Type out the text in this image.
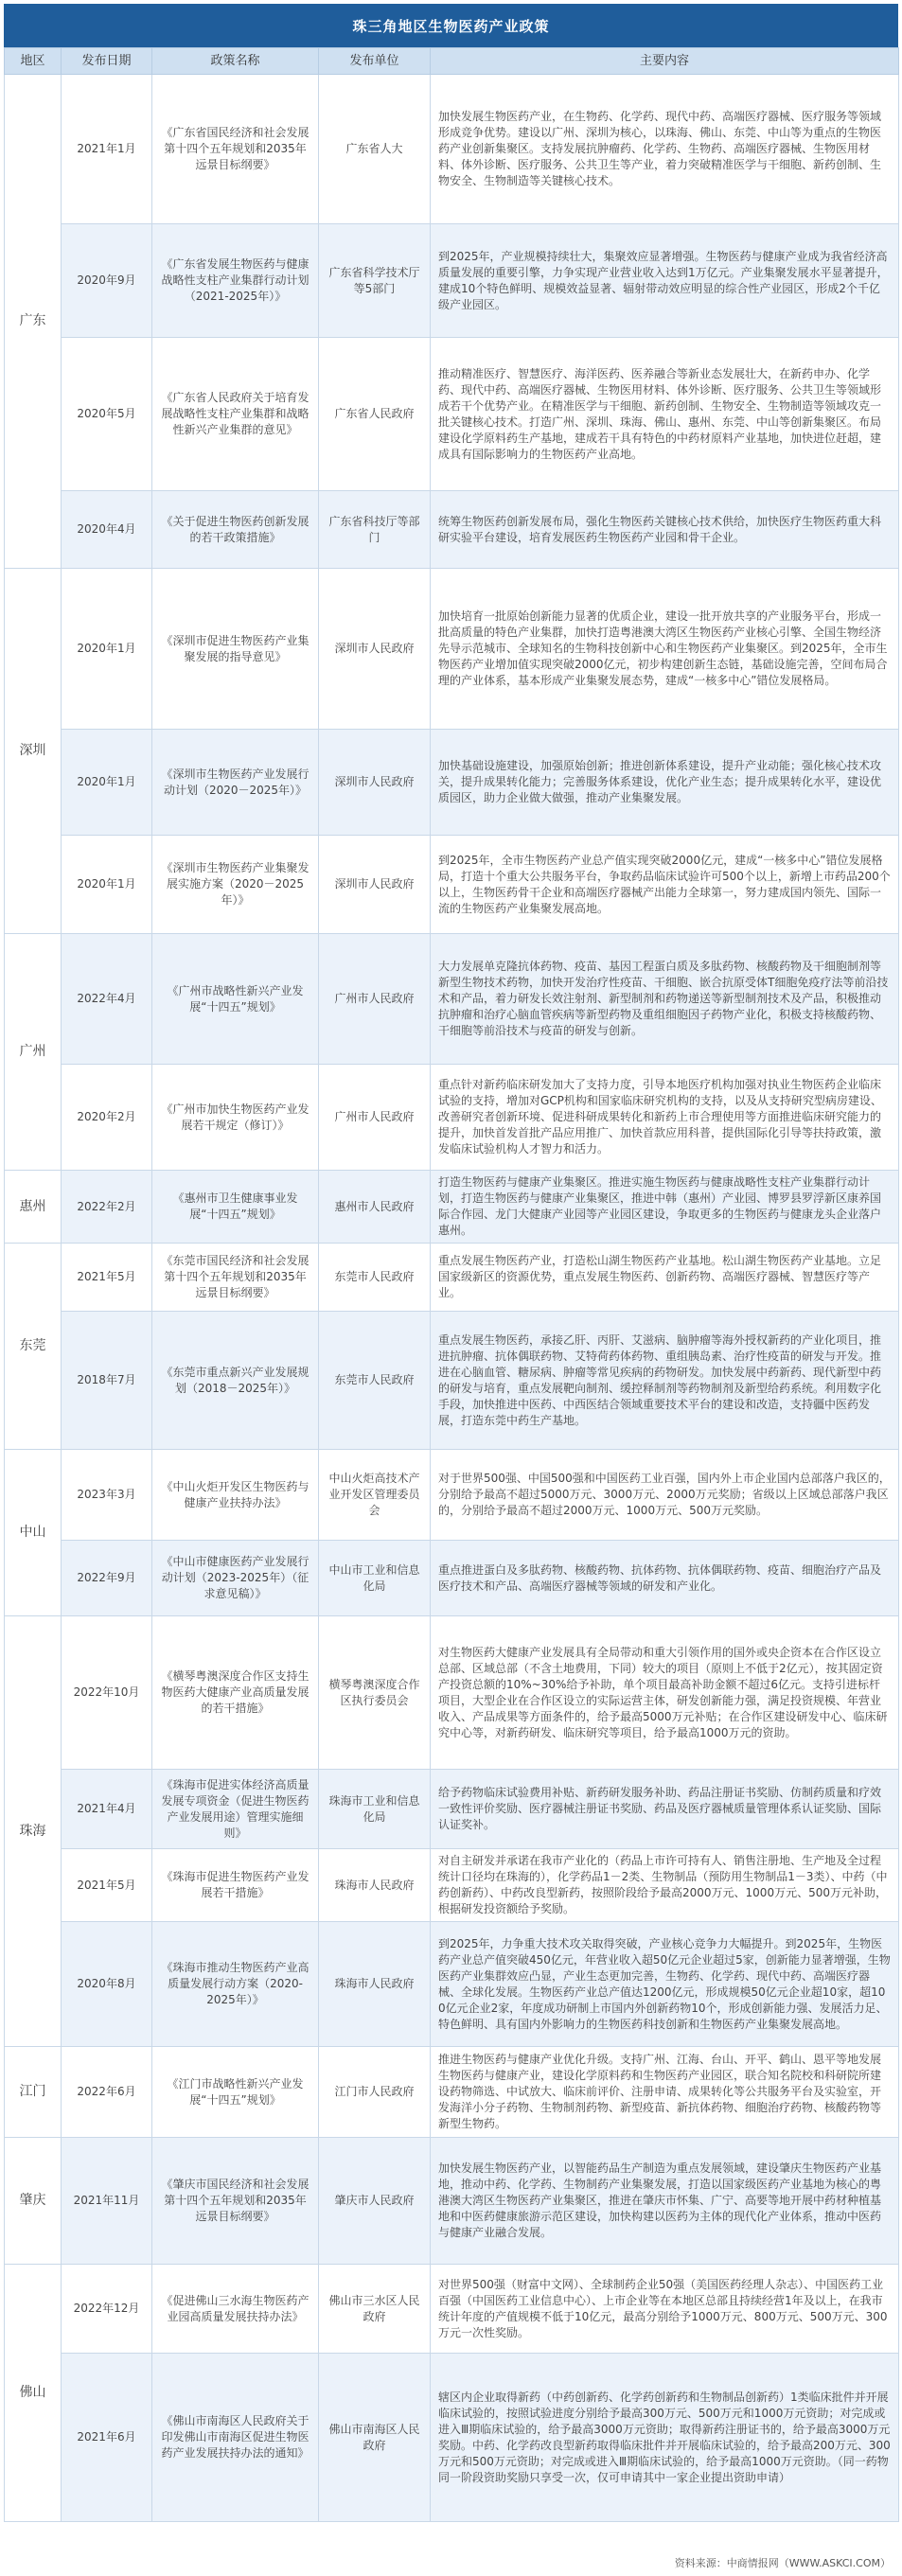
珠三角地区生物医药产业政策
地区	发布日期	政策名称	发布单位	主要内容
广东	2021年1月	《广东省国民经济和社会发展第十四个五年规划和2035年远景目标纲要》	广东省人大	加快发展生物医药产业，在生物药、化学药、现代中药、高端医疗器械、医疗服务等领域形成竞争优势。建设以广州、深圳为核心，以珠海、佛山、东莞、中山等为重点的生物医药产业创新集聚区。支持发展抗肿瘤药、化学药、生物药、高端医疗器械、生物医用材料、体外诊断、医疗服务、公共卫生等产业，着力突破精准医学与干细胞、新药创制、生物安全、生物制造等关键核心技术。
	2020年9月	《广东省发展生物医药与健康战略性支柱产业集群行动计划（2021-2025年）》	广东省科学技术厅等5部门	到2025年，产业规模持续壮大，集聚效应显著增强。生物医药与健康产业成为我省经济高质量发展的重要引擎，力争实现产业营业收入达到1万亿元。产业集聚发展水平显著提升，建成10个特色鲜明、规模效益显著、辐射带动效应明显的综合性产业园区，形成2个千亿级产业园区。
	2020年5月	《广东省人民政府关于培育发展战略性支柱产业集群和战略性新兴产业集群的意见》	广东省人民政府	推动精准医疗、智慧医疗、海洋医药、医养融合等新业态发展壮大，在新药申办、化学药、现代中药、高端医疗器械、生物医用材料、体外诊断、医疗服务、公共卫生等领域形成若干个优势产业。在精准医学与干细胞、新药创制、生物安全、生物制造等领域攻克一批关键核心技术。打造广州、深圳、珠海、佛山、惠州、东莞、中山等创新集聚区。布局建设化学原料药生产基地，建成若干具有特色的中药材原料产业基地，加快进位赶超，建成具有国际影响力的生物医药产业高地。
	2020年4月	《关于促进生物医药创新发展的若干政策措施》	广东省科技厅等部门	统筹生物医药创新发展布局，强化生物医药关键核心技术供给，加快医疗生物医药重大科研实验平台建设，培育发展医药生物医药产业园和骨干企业。
深圳	2020年1月	《深圳市促进生物医药产业集聚发展的指导意见》	深圳市人民政府	加快培育一批原始创新能力显著的优质企业，建设一批开放共享的产业服务平台，形成一批高质量的特色产业集群，加快打造粤港澳大湾区生物医药产业核心引擎、全国生物经济先导示范城市、全球知名的生物科技创新中心和生物医药产业集聚区。到2025年，全市生物医药产业增加值实现突破2000亿元，初步构建创新生态链，基础设施完善，空间布局合理的产业体系，基本形成产业集聚发展态势，建成“一核多中心”错位发展格局。
	2020年1月	《深圳市生物医药产业发展行动计划（2020－2025年）》	深圳市人民政府	加快基础设施建设，加强原始创新；推进创新体系建设，提升产业动能；强化核心技术攻关，提升成果转化能力；完善服务体系建设，优化产业生态；提升成果转化水平，建设优质园区，助力企业做大做强，推动产业集聚发展。
	2020年1月	《深圳市生物医药产业集聚发展实施方案（2020－2025年）》	深圳市人民政府	到2025年，全市生物医药产业总产值实现突破2000亿元，建成“一核多中心”错位发展格局，打造十个重大公共服务平台，争取药品临床试验许可500个以上，新增上市药品200个以上，生物医药骨干企业和高端医疗器械产出能力全球第一，努力建成国内领先、国际一流的生物医药产业集聚发展高地。
广州	2022年4月	《广州市战略性新兴产业发展“十四五”规划》	广州市人民政府	大力发展单克隆抗体药物、疫苗、基因工程蛋白质及多肽药物、核酸药物及干细胞制剂等新型生物技术药物，加快开发治疗性疫苗、干细胞、嵌合抗原受体T细胞免疫疗法等前沿技术和产品，着力研发长效注射剂、新型制剂和药物递送等新型制剂技术及产品，积极推动抗肿瘤和治疗心脑血管疾病等新型药物及重组细胞因子药物产业化，积极支持核酸药物、干细胞等前沿技术与疫苗的研发与创新。
	2020年2月	《广州市加快生物医药产业发展若干规定（修订）》	广州市人民政府	重点针对新药临床研发加大了支持力度，引导本地医疗机构加强对执业生物医药企业临床试验的支持，增加对GCP机构和国家临床研究机构的支持，以及从支持研究型病房建设、改善研究者创新环境、促进科研成果转化和新药上市合理使用等方面推进临床研究能力的提升，加快首发首批产品应用推广、加快首款应用科普，提供国际化引导等扶持政策，激发临床试验机构人才智力和活力。
惠州	2022年2月	《惠州市卫生健康事业发展“十四五”规划》	惠州市人民政府	打造生物医药与健康产业集聚区。推进实施生物医药与健康战略性支柱产业集群行动计划，打造生物医药与健康产业集聚区，推进中韩（惠州）产业园、博罗县罗浮新区康养国际合作园、龙门大健康产业园等产业园区建设，争取更多的生物医药与健康龙头企业落户惠州。
东莞	2021年5月	《东莞市国民经济和社会发展第十四个五年规划和2035年远景目标纲要》	东莞市人民政府	重点发展生物医药产业，打造松山湖生物医药产业基地。松山湖生物医药产业基地。立足国家级新区的资源优势，重点发展生物医药、创新药物、高端医疗器械、智慧医疗等产业。
	2018年7月	《东莞市重点新兴产业发展规划（2018－2025年）》	东莞市人民政府	重点发展生物医药，承接乙肝、丙肝、艾滋病、脑肿瘤等海外授权新药的产业化项目，推进抗肿瘤、抗体偶联药物、艾特荷药体药物、重组胰岛素、治疗性疫苗的研发与开发。推进在心脑血管、糖尿病、肿瘤等常见疾病的药物研发。加快发展中药新药、现代新型中药的研发与培育，重点发展靶向制剂、缓控释制剂等药物制剂及新型给药系统。利用数字化手段，加快推进中医药、中西医结合领域重要技术平台的建设和改造，支持疆中医药发展，打造东莞中药生产基地。
中山	2023年3月	《中山火炬开发区生物医药与健康产业扶持办法》	中山火炬高技术产业开发区管理委员会	对于世界500强、中国500强和中国医药工业百强，国内外上市企业国内总部落户我区的，分别给予最高不超过5000万元、3000万元、2000万元奖励；省级以上区域总部落户我区的，分别给予最高不超过2000万元、1000万元、500万元奖励。
	2022年9月	《中山市健康医药产业发展行动计划（2023-2025年）（征求意见稿）》	中山市工业和信息化局	重点推进蛋白及多肽药物、核酸药物、抗体药物、抗体偶联药物、疫苗、细胞治疗产品及医疗技术和产品、高端医疗器械等领域的研发和产业化。
珠海	2022年10月	《横琴粤澳深度合作区支持生物医药大健康产业高质量发展的若干措施》	横琴粤澳深度合作区执行委员会	对生物医药大健康产业发展具有全局带动和重大引领作用的国外或央企资本在合作区设立总部、区域总部（不含土地费用，下同）较大的项目（原则上不低于2亿元），按其固定资产投资总额的10%~30%给予补助，单个项目最高补助金额不超过6亿元。支持引进标杆项目，大型企业在合作区设立的实际运营主体，研发创新能力强，满足投资规模、年营业收入、产品成果等方面条件的，给予最高5000万元补贴；在合作区建设研发中心、临床研究中心等，对新药研发、临床研究等项目，给予最高1000万元的资助。
	2021年4月	《珠海市促进实体经济高质量发展专项资金（促进生物医药产业发展用途）管理实施细则》	珠海市工业和信息化局	给予药物临床试验费用补贴、新药研发服务补助、药品注册证书奖励、仿制药质量和疗效一致性评价奖励、医疗器械注册证书奖励、药品及医疗器械质量管理体系认证奖励、国际认证奖补。
	2021年5月	《珠海市促进生物医药产业发展若干措施》	珠海市人民政府	对自主研发并承诺在我市产业化的（药品上市许可持有人、销售注册地、生产地及全过程统计口径均在珠海的），化学药品1－2类、生物制品（预防用生物制品1－3类）、中药（中药创新药）、中药改良型新药，按照阶段给予最高2000万元、1000万元、500万元补助，根据研发投资额给予奖励。
	2020年8月	《珠海市推动生物医药产业高质量发展行动方案（2020-2025年）》	珠海市人民政府	到2025年，力争重大技术攻关取得突破，产业核心竞争力大幅提升。到2025年，生物医药产业总产值突破450亿元，年营业收入超50亿元企业超过5家，创新能力显著增强，生物医药产业集群效应凸显，产业生态更加完善，生物药、化学药、现代中药、高端医疗器械、全球化发展。生物医药产业总产值达1200亿元，形成规模50亿元企业超10家，超100亿元企业2家，年度成功研制上市国内外创新药物10个，形成创新能力强、发展活力足、特色鲜明、具有国内外影响力的生物医药科技创新和生物医药产业集聚发展高地。
江门	2022年6月	《江门市战略性新兴产业发展“十四五”规划》	江门市人民政府	推进生物医药与健康产业优化升级。支持广州、江海、台山、开平、鹤山、恩平等地发展生物医药与健康产业，建设化学原料药和生物医药产业园区，联合知名院校和科研院所建设药物筛选、中试放大、临床前评价、注册申请、成果转化等公共服务平台及实验室，开发海洋小分子药物、生物制剂药物、新型疫苗、新抗体药物、细胞治疗药物、核酸药物等新型生物药。
肇庆	2021年11月	《肇庆市国民经济和社会发展第十四个五年规划和2035年远景目标纲要》	肇庆市人民政府	加快发展生物医药产业，以智能药品生产制造为重点发展领域，建设肇庆生物医药产业基地，推动中药、化学药、生物制药产业集聚发展，打造以国家级医药产业基地为核心的粤港澳大湾区生物医药产业集聚区，推进在肇庆市怀集、广宁、高要等地开展中药材种植基地和中医药健康旅游示范区建设，加快构建以医药为主体的现代化产业体系，推动中医药与健康产业融合发展。
佛山	2022年12月	《促进佛山三水海生物医药产业园高质量发展扶持办法》	佛山市三水区人民政府	对世界500强（财富中文网）、全球制药企业50强（美国医药经理人杂志）、中国医药工业百强（中国医药工业信息中心）、上市企业等在本地区总部且持续经营1年及以上，在我市统计年度的产值规模不低于10亿元，最高分别给予1000万元、800万元、500万元、300万元一次性奖励。
	2021年6月	《佛山市南海区人民政府关于印发佛山市南海区促进生物医药产业发展扶持办法的通知》	佛山市南海区人民政府	辖区内企业取得新药（中药创新药、化学药创新药和生物制品创新药）1类临床批件并开展临床试验的，按照试验进度分别给予最高300万元、500万元和1000万元资助；对完成或进入Ⅲ期临床试验的，给予最高3000万元资助；取得新药注册证书的，给予最高3000万元奖励。中药、化学药改良型新药取得临床批件并开展临床试验的，给予最高200万元、300万元和500万元资助；对完成或进入Ⅲ期临床试验的，给予最高1000万元资助。（同一药物同一阶段资助奖励只享受一次，仅可申请其中一家企业提出资助申请）
资料来源：中商情报网（WWW.ASKCI.COM）
